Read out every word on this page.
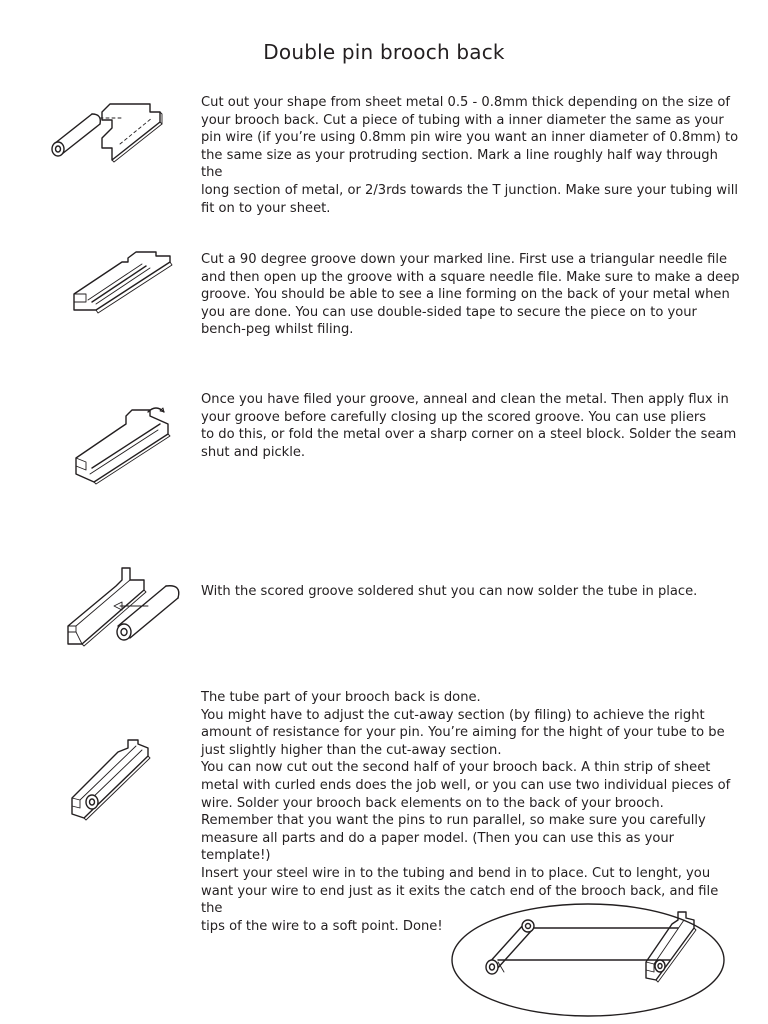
Double pin brooch back

Cut out your shape from sheet metal 0.5 - 0.8mm thick depending on the size of

your brooch back. Cut a piece of tubing with a inner diameter the same as your

pin wire (if you’re using 0.8mm pin wire you want an inner diameter of 0.8mm) to

the same size as your protruding section. Mark a line roughly half way through the

long section of metal, or 2/3rds towards the T junction. Make sure your tubing will

fit on to your sheet.

Cut a 90 degree groove down your marked line. First use a triangular needle file

and then open up the groove with a square needle file. Make sure to make a deep

groove. You should be able to see a line forming on the back of your metal when

you are done. You can use double-sided tape to secure the piece on to your

bench-peg whilst filing.

Once you have filed your groove, anneal and clean the metal. Then apply flux in

your groove before carefully closing up the scored groove. You can use pliers

to do this, or fold the metal over a sharp corner on a steel block. Solder the seam

shut and pickle.

With the scored groove soldered shut you can now solder the tube in place.

The tube part of your brooch back is done.

You might have to adjust the cut-away section (by filing) to achieve the right

amount of resistance for your pin. You’re aiming for the hight of your tube to be

just slightly higher than the cut-away section.

You can now cut out the second half of your brooch back. A thin strip of sheet

metal with curled ends does the job well, or you can use two individual pieces of

wire. Solder your brooch back elements on to the back of your brooch.

Remember that you want the pins to run parallel, so make sure you carefully

measure all parts and do a paper model. (Then you can use this as your template!)

Insert your steel wire in to the tubing and bend in to place. Cut to lenght, you

want your wire to end just as it exits the catch end of the brooch back, and file the

tips of the wire to a soft point. Done!
